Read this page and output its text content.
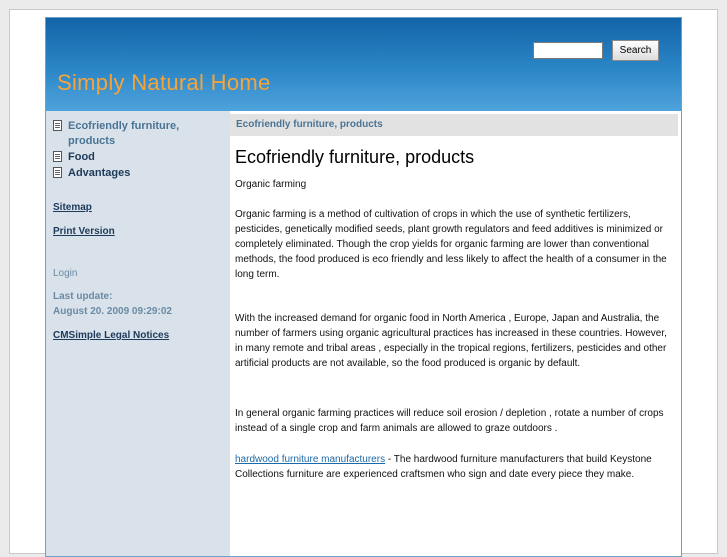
Search
Simply Natural Home
Ecofriendly furniture, products
Food
Advantages
Sitemap
Print Version
Login
Last update:
August 20. 2009 09:29:02
CMSimple Legal Notices
Ecofriendly furniture, products
Ecofriendly furniture, products
Organic farming
Organic farming is a method of cultivation of crops in which the use of synthetic fertilizers, pesticides, genetically modified seeds, plant growth regulators and feed additives is minimized or completely eliminated. Though the crop yields for organic farming are lower than conventional methods, the food produced is eco friendly and less likely to affect the health of a consumer in the long term.
With the increased demand for organic food in North America , Europe, Japan and Australia, the number of farmers using organic agricultural practices has increased in these countries. However, in many remote and tribal areas , especially in the tropical regions, fertilizers, pesticides and other artificial products are not available, so the food produced is organic by default.
In general organic farming practices will reduce soil erosion / depletion , rotate a number of crops instead of a single crop and farm animals are allowed to graze outdoors .
hardwood furniture manufacturers - The hardwood furniture manufacturers that build Keystone Collections furniture are experienced craftsmen who sign and date every piece they make.
